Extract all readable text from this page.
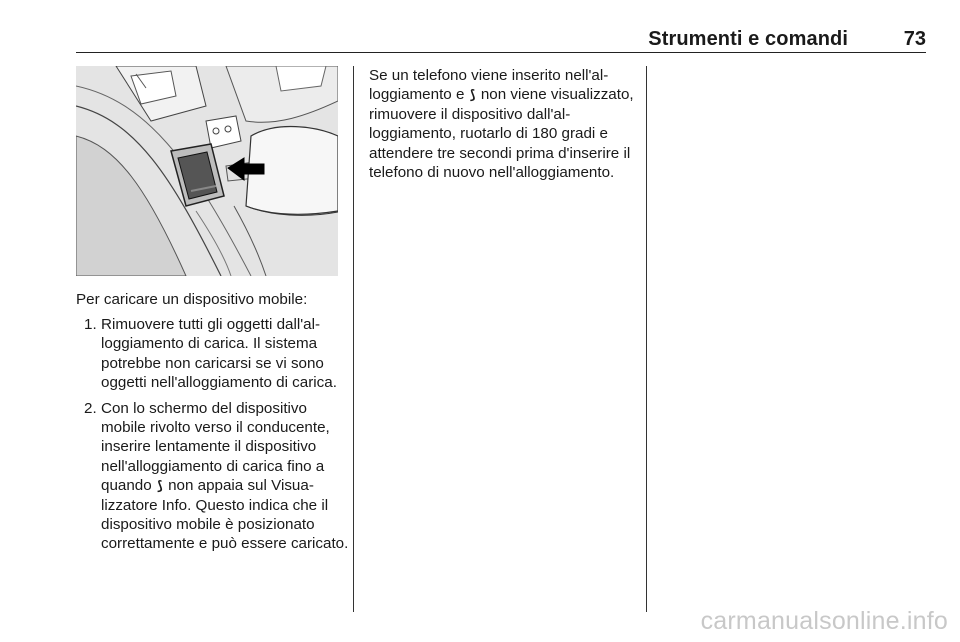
Strumenti e comandi	73
Per caricare un dispositivo mobile:
1. Rimuovere tutti gli oggetti dall'alloggiamento di carica. Il sistema potrebbe non caricarsi se vi sono oggetti nell'alloggiamento di carica.
2. Con lo schermo del dispositivo mobile rivolto verso il conducente, inserire lentamente il dispositivo nell'alloggiamento di carica fino a quando ⟆ non appaia sul Visualizzatore Info. Questo indica che il dispositivo mobile è posizionato correttamente e può essere caricato.
Se un telefono viene inserito nell'alloggiamento e ⟆ non viene visualizzato, rimuovere il dispositivo dall'alloggiamento, ruotarlo di 180 gradi e attendere tre secondi prima d'inserire il telefono di nuovo nell'alloggiamento.
carmanualsonline.info
